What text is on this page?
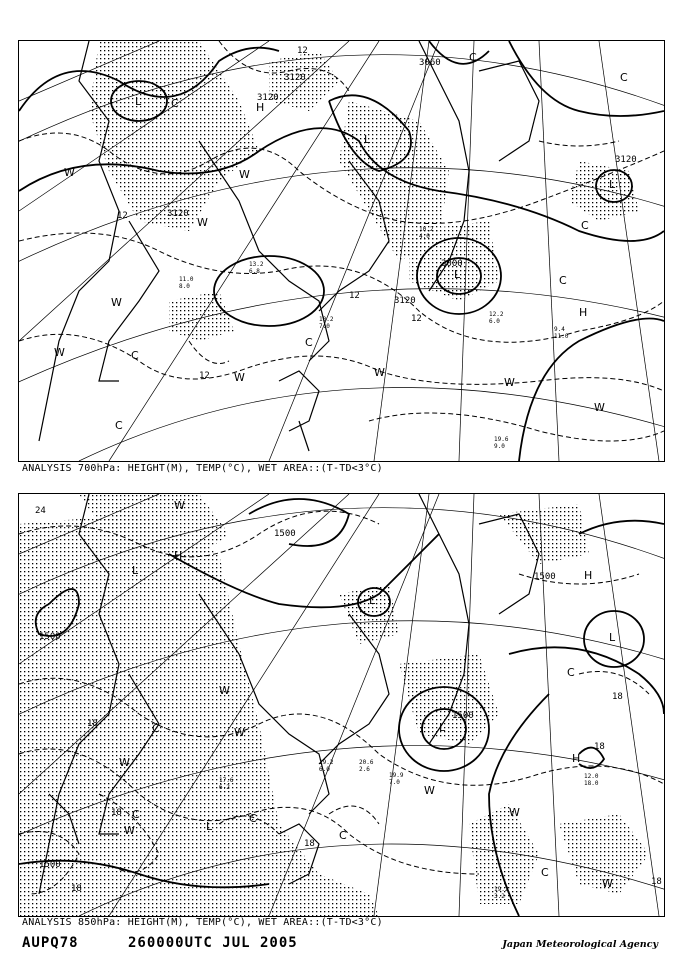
12.2
6.0
9.4
11.0
19.6
9.0
10.2
4.0
11.0
8.0
10.2
7.0
13.2
6.8
L
L
L
L
H
H
3120
3120
3120
3120
3000
3060
3120
12
12
12
12
12
W
W
W
W	W
W
W
W
W
C
C
C
C
C
C
C
C
ANALYSIS 700hPa: HEIGHT(M), TEMP(°C), WET AREA::(T-TD<3°C)
19.2
3.2
12.0
18.0
19.9
7.0
20.6
2.6
17.6
6.2
19.2
6.0
L
L
L
L
L
H
H
H
1500
1500
1500
1500
1500
24
18
18
18
18
18
18
18
W
W
W
W
W
W
W
W
C
C	C
C
C
C
ANALYSIS 850hPa: HEIGHT(M), TEMP(°C), WET AREA::(T-TD<3°C)
AUPQ78	260000UTC JUL 2005	Japan Meteorological Agency
